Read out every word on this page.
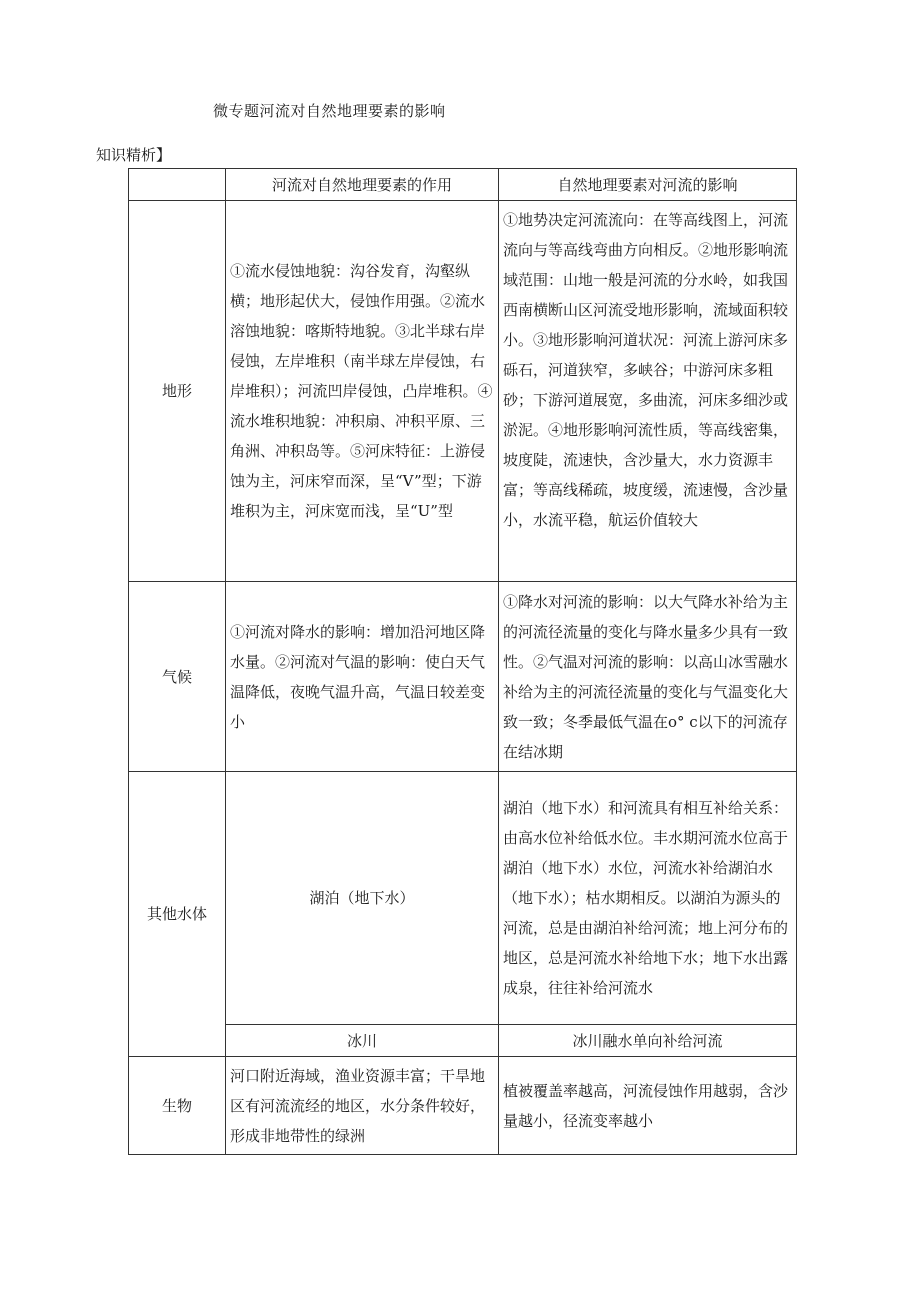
微专题河流对自然地理要素的影响
知识精析】
	河流对自然地理要素的作用	自然地理要素对河流的影响
地形	①流水侵蚀地貌：沟谷发育，沟壑纵横；地形起伏大，侵蚀作用强。②流水溶蚀地貌：喀斯特地貌。③北半球右岸侵蚀，左岸堆积（南半球左岸侵蚀，右岸堆积）；河流凹岸侵蚀，凸岸堆积。④流水堆积地貌：冲积扇、冲积平原、三角洲、冲积岛等。⑤河床特征：上游侵蚀为主，河床窄而深，呈“V”型；下游堆积为主，河床宽而浅，呈“U”型	①地势决定河流流向：在等高线图上，河流流向与等高线弯曲方向相反。②地形影响流域范围：山地一般是河流的分水岭，如我国西南横断山区河流受地形影响，流域面积较小。③地形影响河道状况：河流上游河床多砾石，河道狭窄，多峡谷；中游河床多粗砂；下游河道展宽，多曲流，河床多细沙或淤泥。④地形影响河流性质，等高线密集，坡度陡，流速快，含沙量大，水力资源丰富；等高线稀疏，坡度缓，流速慢，含沙量小，水流平稳，航运价值较大
气候	①河流对降水的影响：增加沿河地区降水量。②河流对气温的影响：使白天气温降低，夜晚气温升高，气温日较差变小	①降水对河流的影响：以大气降水补给为主的河流径流量的变化与降水量多少具有一致性。②气温对河流的影响：以高山冰雪融水补给为主的河流径流量的变化与气温变化大致一致；冬季最低气温在o° c以下的河流存在结冰期
其他水体	湖泊（地下水）	湖泊（地下水）和河流具有相互补给关系：由高水位补给低水位。丰水期河流水位高于湖泊（地下水）水位，河流水补给湖泊水（地下水）；枯水期相反。以湖泊为源头的河流，总是由湖泊补给河流；地上河分布的地区，总是河流水补给地下水；地下水出露成泉，往往补给河流水
	冰川	冰川融水单向补给河流
生物	河口附近海域，渔业资源丰富；干旱地区有河流流经的地区，水分条件较好，形成非地带性的绿洲	植被覆盖率越高，河流侵蚀作用越弱，含沙量越小，径流变率越小
